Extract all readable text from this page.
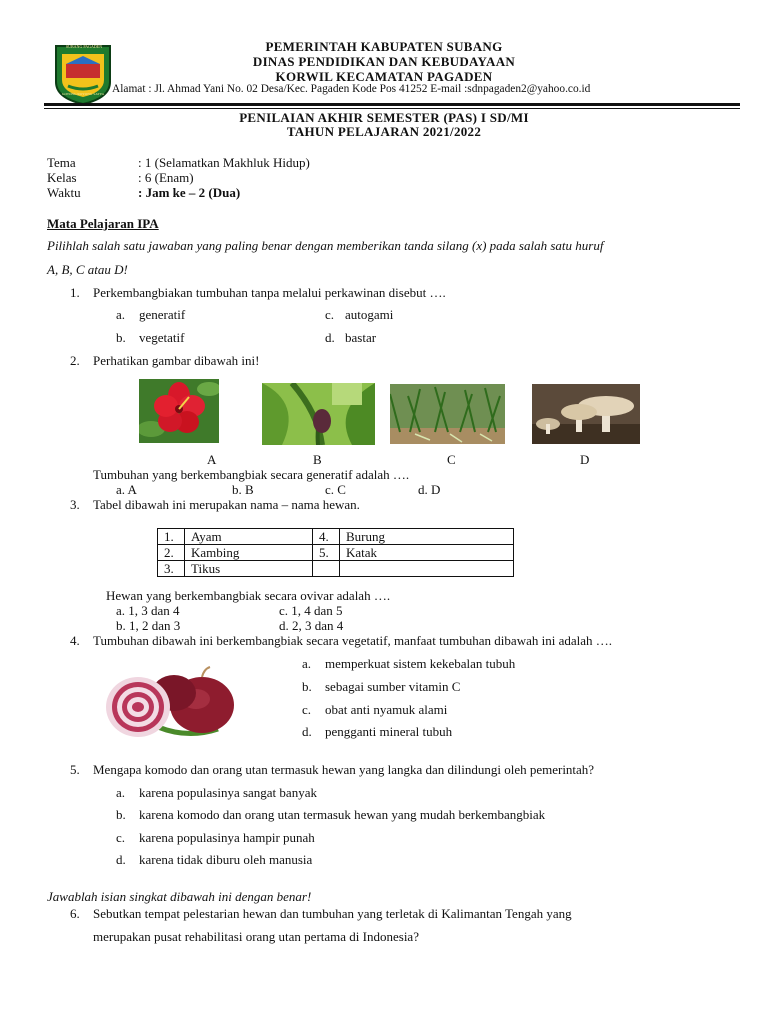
SUBANG PAGADEN
GOTONG ROYONG SATYA
PEMERINTAH KABUPATEN SUBANG
DINAS PENDIDIKAN DAN KEBUDAYAAN
KORWIL KECAMATAN PAGADEN
Alamat : Jl. Ahmad Yani No. 02 Desa/Kec. Pagaden Kode Pos 41252 E-mail :sdnpagaden2@yahoo.co.id
PENILAIAN AKHIR SEMESTER (PAS) I SD/MI
TAHUN PELAJARAN 2021/2022
Tema	: 1 (Selamatkan Makhluk Hidup)
Kelas	: 6 (Enam)
Waktu	: Jam ke – 2 (Dua)
Mata Pelajaran IPA
Pilihlah salah satu jawaban yang paling benar dengan memberikan tanda silang (x) pada salah satu huruf
A, B, C atau D!
1. Perkembangbiakan tumbuhan tanpa melalui perkawinan disebut ….
a. generatif	c. autogami
b. vegetatif	d. bastar
2. Perhatikan gambar dibawah ini!
A	B	C	D
Tumbuhan yang berkembangbiak secara generatif adalah ….
a. A	b. B	c. C	d. D
3. Tabel dibawah ini merupakan nama – nama hewan.
1.	Ayam	4.	Burung
2.	Kambing	5.	Katak
3.	Tikus		
Hewan yang berkembangbiak secara ovivar adalah ….
a. 1, 3 dan 4	c. 1, 4 dan 5
b. 1, 2 dan 3	d. 2, 3 dan 4
4. Tumbuhan dibawah ini berkembangbiak secara vegetatif, manfaat tumbuhan dibawah ini adalah ….
a. memperkuat sistem kekebalan tubuh
b. sebagai sumber vitamin C
c. obat anti nyamuk alami
d. pengganti mineral tubuh
5. Mengapa komodo dan orang utan termasuk hewan yang langka dan dilindungi oleh pemerintah?
a. karena populasinya sangat banyak
b. karena komodo dan orang utan termasuk hewan yang mudah berkembangbiak
c. karena populasinya hampir punah
d. karena tidak diburu oleh manusia
Jawablah isian singkat dibawah ini dengan benar!
6. Sebutkan tempat pelestarian hewan dan tumbuhan yang terletak di Kalimantan Tengah yang
merupakan pusat rehabilitasi orang utan pertama di Indonesia?
